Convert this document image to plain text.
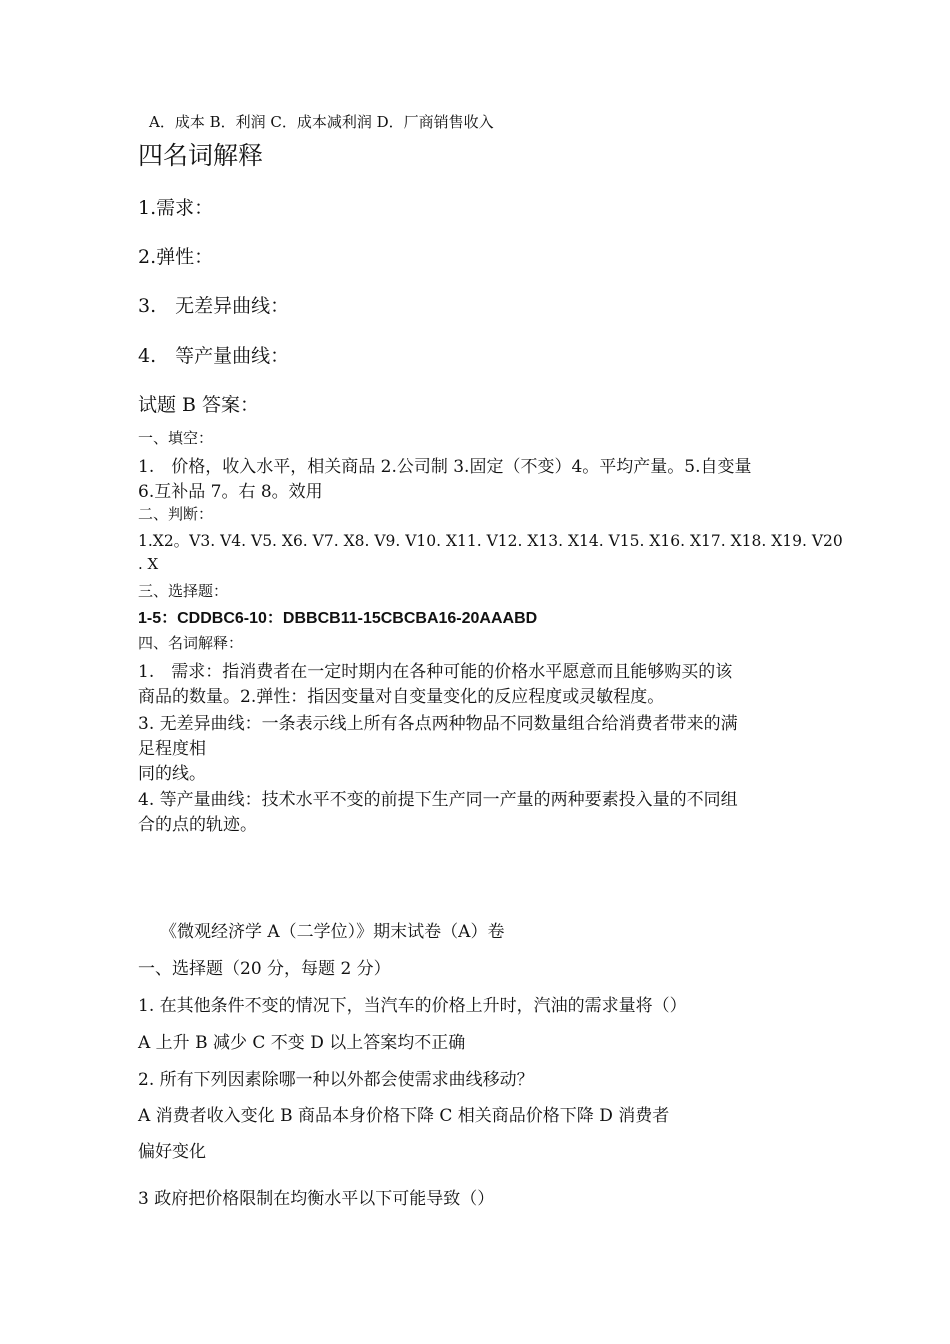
A．成本 B．利润 C．成本减利润 D．厂商销售收入
四名词解释
1.需求：
2.弹性：
3.　无差异曲线：
4.　等产量曲线：
试题 B 答案：
一、填空：
1.　价格，收入水平，相关商品 2.公司制 3.固定（不变）4。平均产量。5.自变量
6.互补品 7。右 8。效用
二、判断：
1.X2。V3. V4. V5. X6. V7. X8. V9. V10. X11. V12. X13. X14. V15. X16. X17. X18. X19. V20
. X
三、选择题：
1-5：CDDBC6-10：DBBCB11-15CBCBA16-20AAABD
四、名词解释：
1.　需求：指消费者在一定时期内在各种可能的价格水平愿意而且能够购买的该
商品的数量。2.弹性：指因变量对自变量变化的反应程度或灵敏程度。
3. 无差异曲线：一条表示线上所有各点两种物品不同数量组合给消费者带来的满
足程度相
同的线。
4. 等产量曲线：技术水平不变的前提下生产同一产量的两种要素投入量的不同组
合的点的轨迹。
《微观经济学 A（二学位）》期末试卷（A）卷
一、选择题（20 分，每题 2 分）
1. 在其他条件不变的情况下，当汽车的价格上升时，汽油的需求量将（）
A 上升 B 减少 C 不变 D 以上答案均不正确
2. 所有下列因素除哪一种以外都会使需求曲线移动？
A 消费者收入变化 B 商品本身价格下降 C 相关商品价格下降 D 消费者
偏好变化
3 政府把价格限制在均衡水平以下可能导致（）
